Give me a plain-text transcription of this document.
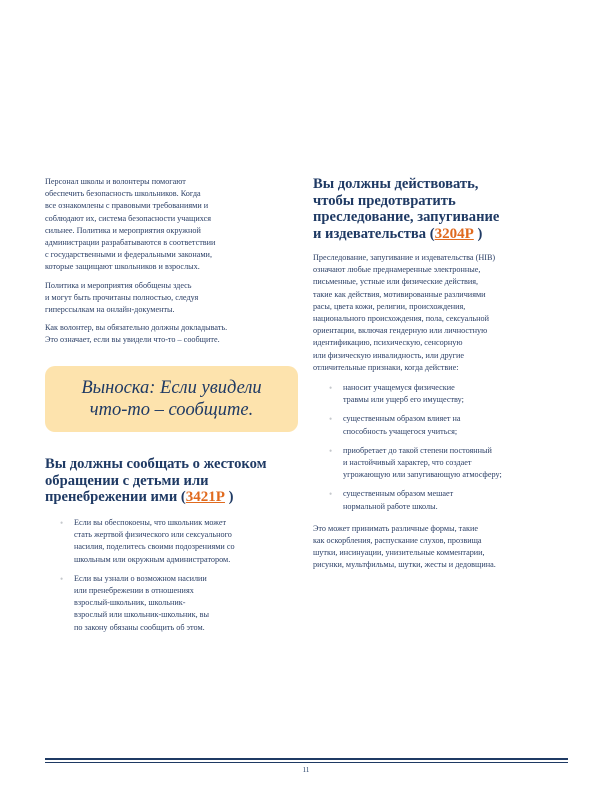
Персонал школы и волонтеры помогают
обеспечить безопасность школьников. Когда
все ознакомлены с правовыми требованиями и
соблюдают их, система безопасности учащихся
сильнее. Политика и мероприятия окружной
администрации разрабатываются в соответствии
с государственными и федеральными законами,
которые защищают школьников и взрослых.

Политика и мероприятия обобщены здесь
и могут быть прочитаны полностью, следуя
гиперссылкам на онлайн-документы.

Как волонтер, вы обязательно должны докладывать.
Это означает, если вы увидели что-то – сообщите.

Выноска: Если увидели
что-то – сообщите.
Вы должны сообщать о жестоком
обращении с детьми или
пренебрежении ими (3421P )

• Если вы обеспокоены, что школьник может
стать жертвой физического или сексуального
насилия, поделитесь своими подозрениями со
школьным или окружным администратором.

• Если вы узнали о возможном насилии
или пренебрежении в отношениях
взрослый-школьник, школьник-
взрослый или школьник-школьник, вы
по закону обязаны сообщить об этом.

Вы должны действовать,
чтобы предотвратить
преследование, запугивание
и издевательства (3204P )

Преследование, запугивание и издевательства (HIB)
означают любые преднамеренные электронные,
письменные, устные или физические действия,
такие как действия, мотивированные различиями
расы, цвета кожи, религии, происхождения,
национального происхождения, пола, сексуальной
ориентации, включая гендерную или личностную
идентификацию, психическую, сенсорную
или физическую инвалидность, или другие
отличительные признаки, когда действие:

• наносит учащемуся физические
травмы или ущерб его имуществу;

• существенным образом влияет на
способность учащегося учиться;

• приобретает до такой степени постоянный
и настойчивый характер, что создает
угрожающую или запугивающую атмосферу;

• существенным образом мешает
нормальной работе школы.

Это может принимать различные формы, такие
как оскорбления, распускание слухов, прозвища
шутки, инсинуации, унизительные комментарии,
рисунки, мультфильмы, шутки, жесты и дедовщина.

11
